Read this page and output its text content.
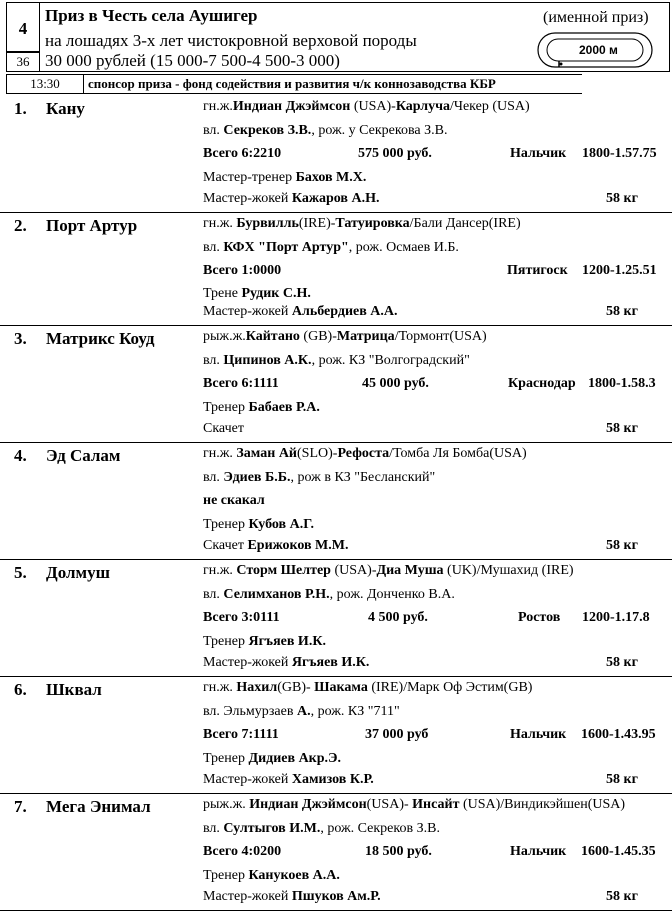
4
36
13:30
Приз в Честь села Аушигер	(именной приз)
на лошадях 3-х лет чистокровной верховой породы
30 000 рублей (15 000-7 500-4 500-3 000)
спонсор приза - фонд содействия и развития ч/к коннозаводства КБР
2000 м
1. Кану	гн.ж.Индиан Джэймсон (USA)-Карлуча/Чекер (USA)
вл. Секреков З.В., рож. у Секрекова З.В.
Всего 6:2210	575 000 руб.	Нальчик 1800-1.57.75
Мастер-тренер Бахов М.Х.
Мастер-жокей Кажаров А.Н.	58 кг
2. Порт Артур	гн.ж. Бурвилль(IRE)-Татуировка/Бали Дансер(IRE)
вл. КФХ "Порт Артур", рож. Осмаев И.Б.
Всего 1:0000	Пятигоск 1200-1.25.51
Трене Рудик С.Н.
Мастер-жокей Альбердиев А.А.	58 кг
3. Матрикс Коуд	рыж.ж.Кайтано (GB)-Матрица/Тормонт(USA)
вл. Ципинов А.К., рож. КЗ "Волгоградский"
Всего 6:1111	45 000 руб.	Краснодар 1800-1.58.3
Тренер Бабаев Р.А.
Скачет	58 кг
4. Эд Салам	гн.ж. Заман Ай(SLO)-Рефоста/Томба Ля Бомба(USA)
вл. Эдиев Б.Б., рож в КЗ "Бесланский"
не скакал
Тренер Кубов А.Г.
Скачет Ерижоков М.М.	58 кг
5. Долмуш	гн.ж. Сторм Шелтер (USA)-Диа Муша (UK)/Мушахид (IRE)
вл. Селимханов Р.Н., рож. Донченко В.А.
Всего 3:0111	4 500 руб.	Ростов 1200-1.17.8
Тренер Ягъяев И.К.
Мастер-жокей Ягъяев И.К.	58 кг
6. Шквал	гн.ж. Нахил(GB)- Шакама (IRE)/Марк Оф Эстим(GB)
вл. Эльмурзаев А., рож. КЗ "711"
Всего 7:1111	37 000 руб	Нальчик 1600-1.43.95
Тренер Дидиев Акр.Э.
Мастер-жокей Хамизов К.Р.	58 кг
7. Мега Энимал	рыж.ж. Индиан Джэймсон(USA)- Инсайт (USA)/Виндикэйшен(USA)
вл. Султыгов И.М., рож. Секреков З.В.
Всего 4:0200	18 500 руб.	Нальчик 1600-1.45.35
Тренер Канукоев А.А.
Мастер-жокей Пшуков Ам.Р.	58 кг
